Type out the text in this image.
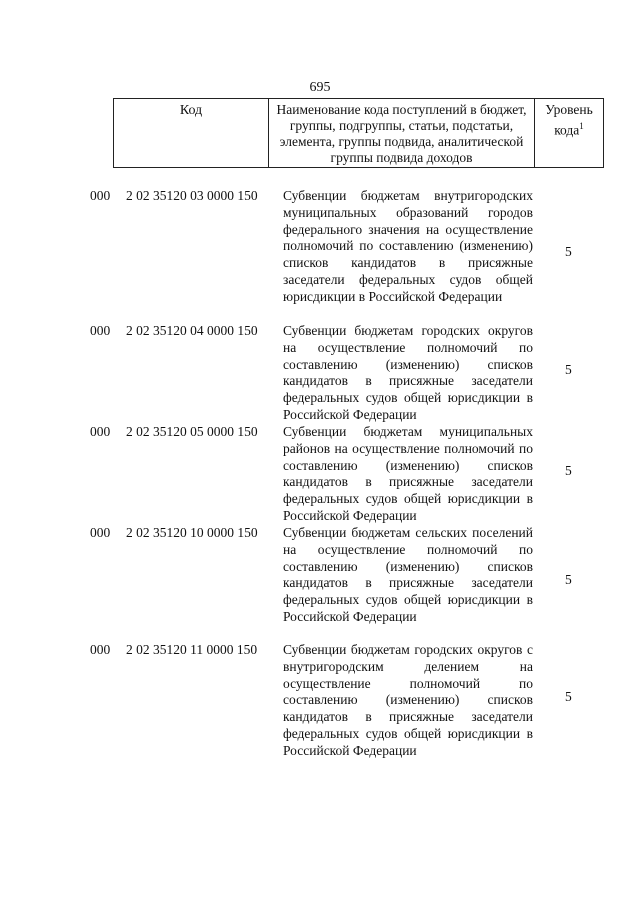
695
Код	Наименование кода поступлений в бюджет, группы, подгруппы, статьи, подстатьи, элемента, группы подвида, аналитической группы подвида доходов
Уровень кода$^1$
000 2 02 35120 03 0000 150 Субвенции бюджетам внутригородских муниципальных образований городов федерального значения на осуществление полномочий по составлению (изменению) списков кандидатов в присяжные заседатели федеральных судов общей юрисдикции в Российской Федерации
5
000 2 02 35120 04 0000 150 Субвенции бюджетам городских округов на осуществление полномочий по составлению (изменению) списков кандидатов в присяжные заседатели федеральных судов общей юрисдикции в Российской Федерации
5
000 2 02 35120 05 0000 150 Субвенции бюджетам муниципальных районов на осуществление полномочий по составлению (изменению) списков кандидатов в присяжные заседатели федеральных судов общей юрисдикции в Российской Федерации
5
000 2 02 35120 10 0000 150 Субвенции бюджетам сельских поселений на осуществление полномочий по составлению (изменению) списков кандидатов в присяжные заседатели федеральных судов общей юрисдикции в Российской Федерации
5
000 2 02 35120 11 0000 150 Субвенции бюджетам городских округов с внутригородским делением на осуществление полномочий по составлению (изменению) списков кандидатов в присяжные заседатели федеральных судов общей юрисдикции в Российской Федерации
5
